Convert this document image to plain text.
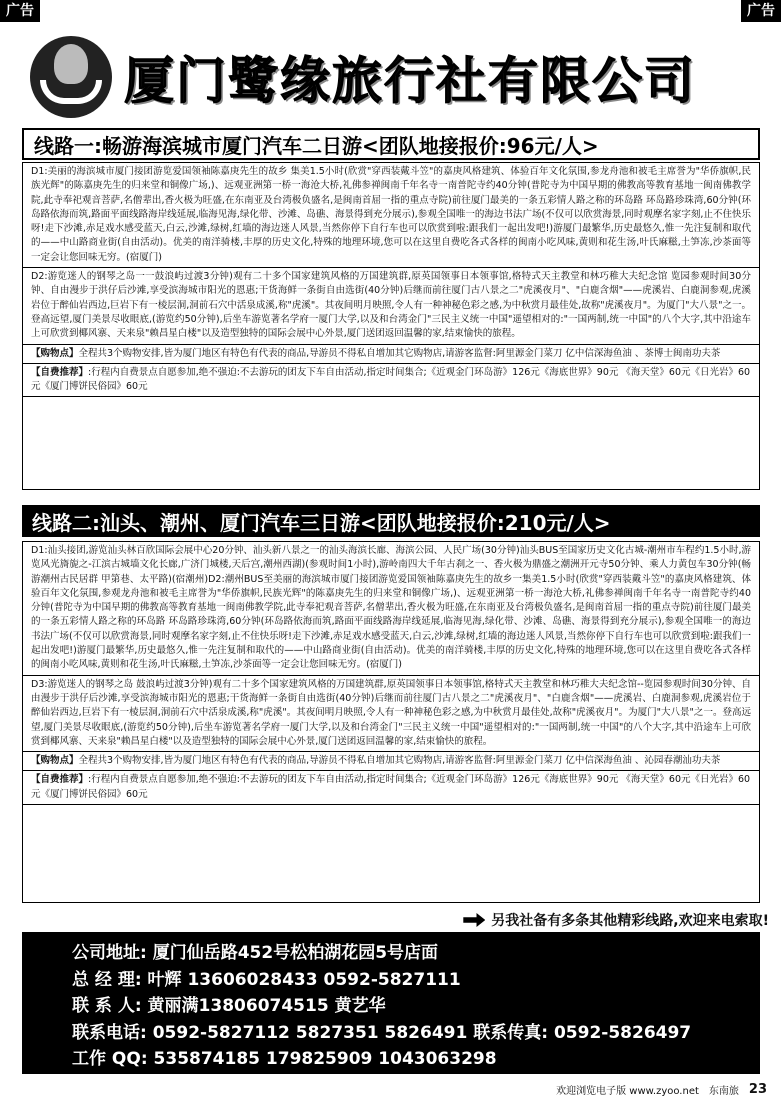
广告	广告
厦门鹭缘旅行社有限公司
线路一:畅游海滨城市厦门汽车二日游<团队地接报价:96元/人>
D1:美丽的海滨城市厦门接团游览爱国领袖陈嘉庚先生的故乡 集美1.5小时(欣赏"穿西装戴斗笠"的嘉庚风格建筑、体验百年文化氛围,参龙舟池和被毛主席誉为"华侨旗帜,民族光辉"的陈嘉庚先生的归来堂和铜像广场,)、远观亚洲第一桥一海沧大桥,礼佛参禅闽南千年名寺一南普陀寺约40分钟(普陀寺为中国早期的佛教高等教育基地一闽南佛教学院,此寺奉祀观音菩萨,名僧辈出,香火极为旺盛,在东南亚及台湾极负盛名,是闽南首屈一指的重点寺院)前往厦门最美的一条五彩情人路之称的环岛路 环岛路珍珠湾,60分钟(环岛路依海而筑,路面平面线路海岸线延展,临海见海,绿化带、沙滩、岛礁、海景得到充分展示),参观全国唯一的海边书法广场(不仅可以欣赏海景,同时观摩名家字刻,止不住快乐呀!走下沙滩,赤足戏水感受蓝天,白云,沙滩,绿树,红墙的海边迷人风景,当然你停下自行车也可以欣赏到啦:跟我们一起出发吧!)游厦门最繁华,历史最悠久,惟一先注复制和取代的——中山路商业街(自由活动)。优美的南洋骑楼,丰厚的历史文化,特殊的地理环境,您可以在这里自费吃各式各样的闽南小吃风味,黄则和花生汤,叶氏麻糍,土笋冻,沙茶面等一定会让您回味无穷。(宿厦门)
D2:游览迷人的钢琴之岛一一鼓浪屿过渡3分钟)观有二十多个国家建筑风格的万国建筑群,原英国领事日本领事馆,格特式天主教堂和林巧稚大夫纪念馆 览园参观时间30分钟、自由漫步于洪仔后沙滩,享受滨海城市阳光的恩惠;干货海鲜一条街自由选街(40分钟)后继而前往厦门古八景之二"虎溪夜月"、"白鹿含烟"——虎溪岩、白鹿洞参观,虎溪岩位于醉仙岩西边,巨岩下有一棱层洞,洞前石穴中活泉成溪,称"虎溪"。其夜间明月映照,令人有一种神秘色彩之感,为中秋赏月最佳处,故称"虎溪夜月"。为厦门"大八景"之一。登高远望,厦门美景尽收眼底,(游览约50分钟),后坐车游览著名学府一厦门大学,以及和台湾金门"三民主义统一中国"遥望相对的:"一国两制,统一中国"的八个大字,其中沿途车上可欣赏到椰风寨、天来泉"赖昌星白楼"以及造型独特的国际会展中心外景,厦门送团返回温馨的家,结束愉快的旅程。
【购物点】全程共3个购物安排,皆为厦门地区有特色有代表的商品,导游员不得私自增加其它购物店,请游客监督:阿里源金门菜刀 亿中信深海鱼油 、茶博士闽南功夫茶
【自费推荐】:行程内自费景点自愿参加,绝不强迫:不去游玩的团友下车自由活动,指定时间集合;《近观金门环岛游》126元《海底世界》90元 《海天堂》60元《日光岩》60元《厦门博饼民俗园》60元
线路二:汕头、潮州、厦门汽车三日游<团队地接报价:210元/人>
D1:汕头接团,游览汕头林百欣国际会展中心20分钟、汕头新八景之一的汕头海滨长廊、海滨公园、人民广场(30分钟)汕头BUS至国家历史文化古城-潮州市车程约1.5小时,游览风光旖旎之-江滨古城墙文化长廊,广济门城楼,天后宫,潮州西湖)(参观时间1小时),游岭南四大千年古刹之一、香火极为鼎盛之潮洲开元寺50分钟、乘人力黄包车30分钟(畅游潮州古民居群 甲第巷、太平路)(宿潮州)D2:潮州BUS至美丽的海滨城市厦门接团游览爱国领袖陈嘉庚先生的故乡一集美1.5小时(欣赏"穿西装戴斗笠"的嘉庚风格建筑、体验百年文化氛围,参观龙舟池和被毛主席誉为"华侨旗帜,民族光辉"的陈嘉庚先生的归来堂和铜像广场,)、远观亚洲第一桥一海沧大桥,礼佛参禅闽南千年名寺一南普陀寺约40分钟(普陀寺为中国早期的佛教高等教育基地一闽南佛教学院,此寺奉祀观音菩萨,名僧辈出,香火极为旺盛,在东南亚及台湾极负盛名,是闽南首屈一指的重点寺院)前往厦门最美的一条五彩情人路之称的环岛路 环岛路珍珠湾,60分钟(环岛路依海而筑,路面平面线路海岸线延展,临海见海,绿化带、沙滩、岛礁、海景得到充分展示),参观全国唯一的海边书法广场(不仅可以欣赏海景,同时观摩名家字刻,止不住快乐呀!走下沙滩,赤足戏水感受蓝天,白云,沙滩,绿树,红墙的海边迷人风景,当然你停下自行车也可以欣赏到啦:跟我们一起出发吧!)游厦门最繁华,历史最悠久,惟一先注复制和取代的——中山路商业街(自由活动)。优美的南洋骑楼,丰厚的历史文化,特殊的地理环境,您可以在这里自费吃各式各样的闽南小吃风味,黄则和花生汤,叶氏麻糍,土笋冻,沙茶面等一定会让您回味无穷。(宿厦门)
D3:游览迷人的钢琴之岛 鼓浪屿过渡3分钟)观有二十多个国家建筑风格的万国建筑群,原英国领事日本领事馆,格特式天主教堂和林巧稚大夫纪念馆--览园参观时间30分钟、自由漫步于洪仔后沙滩,享受滨海城市阳光的恩惠;干货海鲜一条街自由选街(40分钟)后继而前往厦门古八景之二"虎溪夜月"、"白鹿含烟"——虎溪岩、白鹿洞参观,虎溪岩位于醉仙岩西边,巨岩下有一棱层洞,洞前石穴中活泉成溪,称"虎溪"。其夜间明月映照,令人有一种神秘色彩之感,为中秋赏月最佳处,故称"虎溪夜月"。为厦门"大八景"之一。登高远望,厦门美景尽收眼底,(游览约50分钟),后坐车游览著名学府一厦门大学,以及和台湾金门"三民主义统一中国"遥望相对的:"一国两制,统一中国"的八个大字,其中沿途车上可欣赏到椰风寨、天来泉"赖昌星白楼"以及造型独特的国际会展中心外景,厦门送团返回温馨的家,结束愉快的旅程。
【购物点】全程共3个购物安排,皆为厦门地区有特色有代表的商品,导游员不得私自增加其它购物店,请游客监督:阿里源金门菜刀 亿中信深海鱼油 、沁园春潮汕功夫茶
【自费推荐】:行程内自费景点自愿参加,绝不强迫:不去游玩的团友下车自由活动,指定时间集合;《近观金门环岛游》126元《海底世界》90元 《海天堂》60元《日光岩》60元《厦门博饼民俗园》60元
另我社备有多条其他精彩线路,欢迎来电索取!
公司地址: 厦门仙岳路452号松柏湖花园5号店面
总 经 理: 叶辉 13606028433 0592-5827111
联 系 人: 黄丽满13806074515 黄艺华
联系电话: 0592-5827112 5827351 5826491 联系传真: 0592-5826497
工作 QQ: 535874185 179825909 1043063298
欢迎浏览电子版 www.zyoo.net 东南旅 23
